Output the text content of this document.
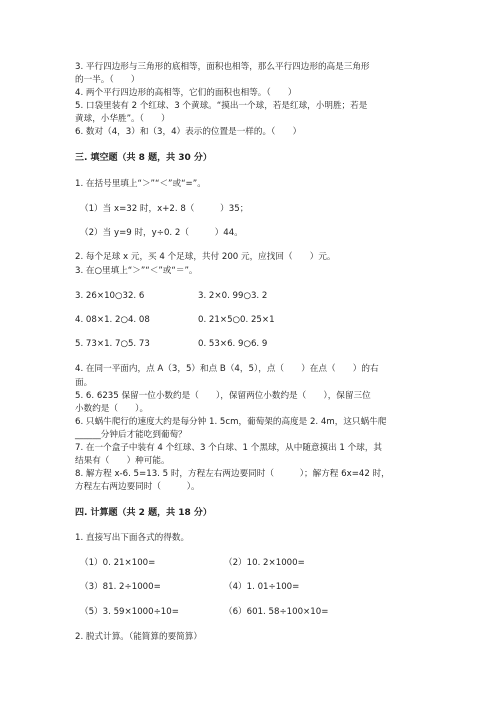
3. 平行四边形与三角形的底相等，面积也相等，那么平行四边形的高是三角形
的一半。（　　）
4. 两个平行四边形的高相等，它们的面积也相等。（　　）
5. 口袋里装有 2 个红球、3 个黄球。“摸出一个球，若是红球，小明胜；若是
黄球，小华胜”。（　　）
6. 数对（4，3）和（3，4）表示的位置是一样的。（　　）
三. 填空题（共 8 题，共 30 分）
1. 在括号里填上“＞”“＜”或“=”。
（1）当 x=32 时，x+2. 8（　　　）35；
（2）当 y=9 时，y÷0. 2（　　　）44。
2. 每个足球 x 元，买 4 个足球，共付 200 元，应找回（　　）元。
3. 在○里填上“＞”“＜”或“＝”。
3. 26×10○32. 6	3. 2×0. 99○3. 2
4. 08×1. 2○4. 08	0. 21×5○0. 25×1
5. 73×1. 7○5. 73	0. 53×6. 9○6. 9
4. 在同一平面内，点 A（3，5）和点 B（4，5），点（　　）在点（　　）的右
面。
5. 6. 6235 保留一位小数约是（　　），保留两位小数约是（　　），保留三位
小数约是（　　）。
6. 只蜗牛爬行的速度大约是每分钟 1. 5cm，葡萄架的高度是 2. 4m，这只蜗牛爬
______分钟后才能吃到葡萄？
7. 在一个盒子中装有 4 个红球、3 个白球、1 个黑球，从中随意摸出 1 个球，其
结果有（　　）种可能。
8. 解方程 x-6. 5=13. 5 时，方程左右两边要同时（　　　）；解方程 6x=42 时，
方程左右两边要同时（　　　）。
四. 计算题（共 2 题，共 18 分）
1. 直接写出下面各式的得数。
（1）0. 21×100=	（2）10. 2×1000=
（3）81. 2÷1000=	（4）1. 01÷100=
（5）3. 59×1000÷10=	（6）601. 58÷100×10=
2. 脱式计算。（能简算的要简算）
